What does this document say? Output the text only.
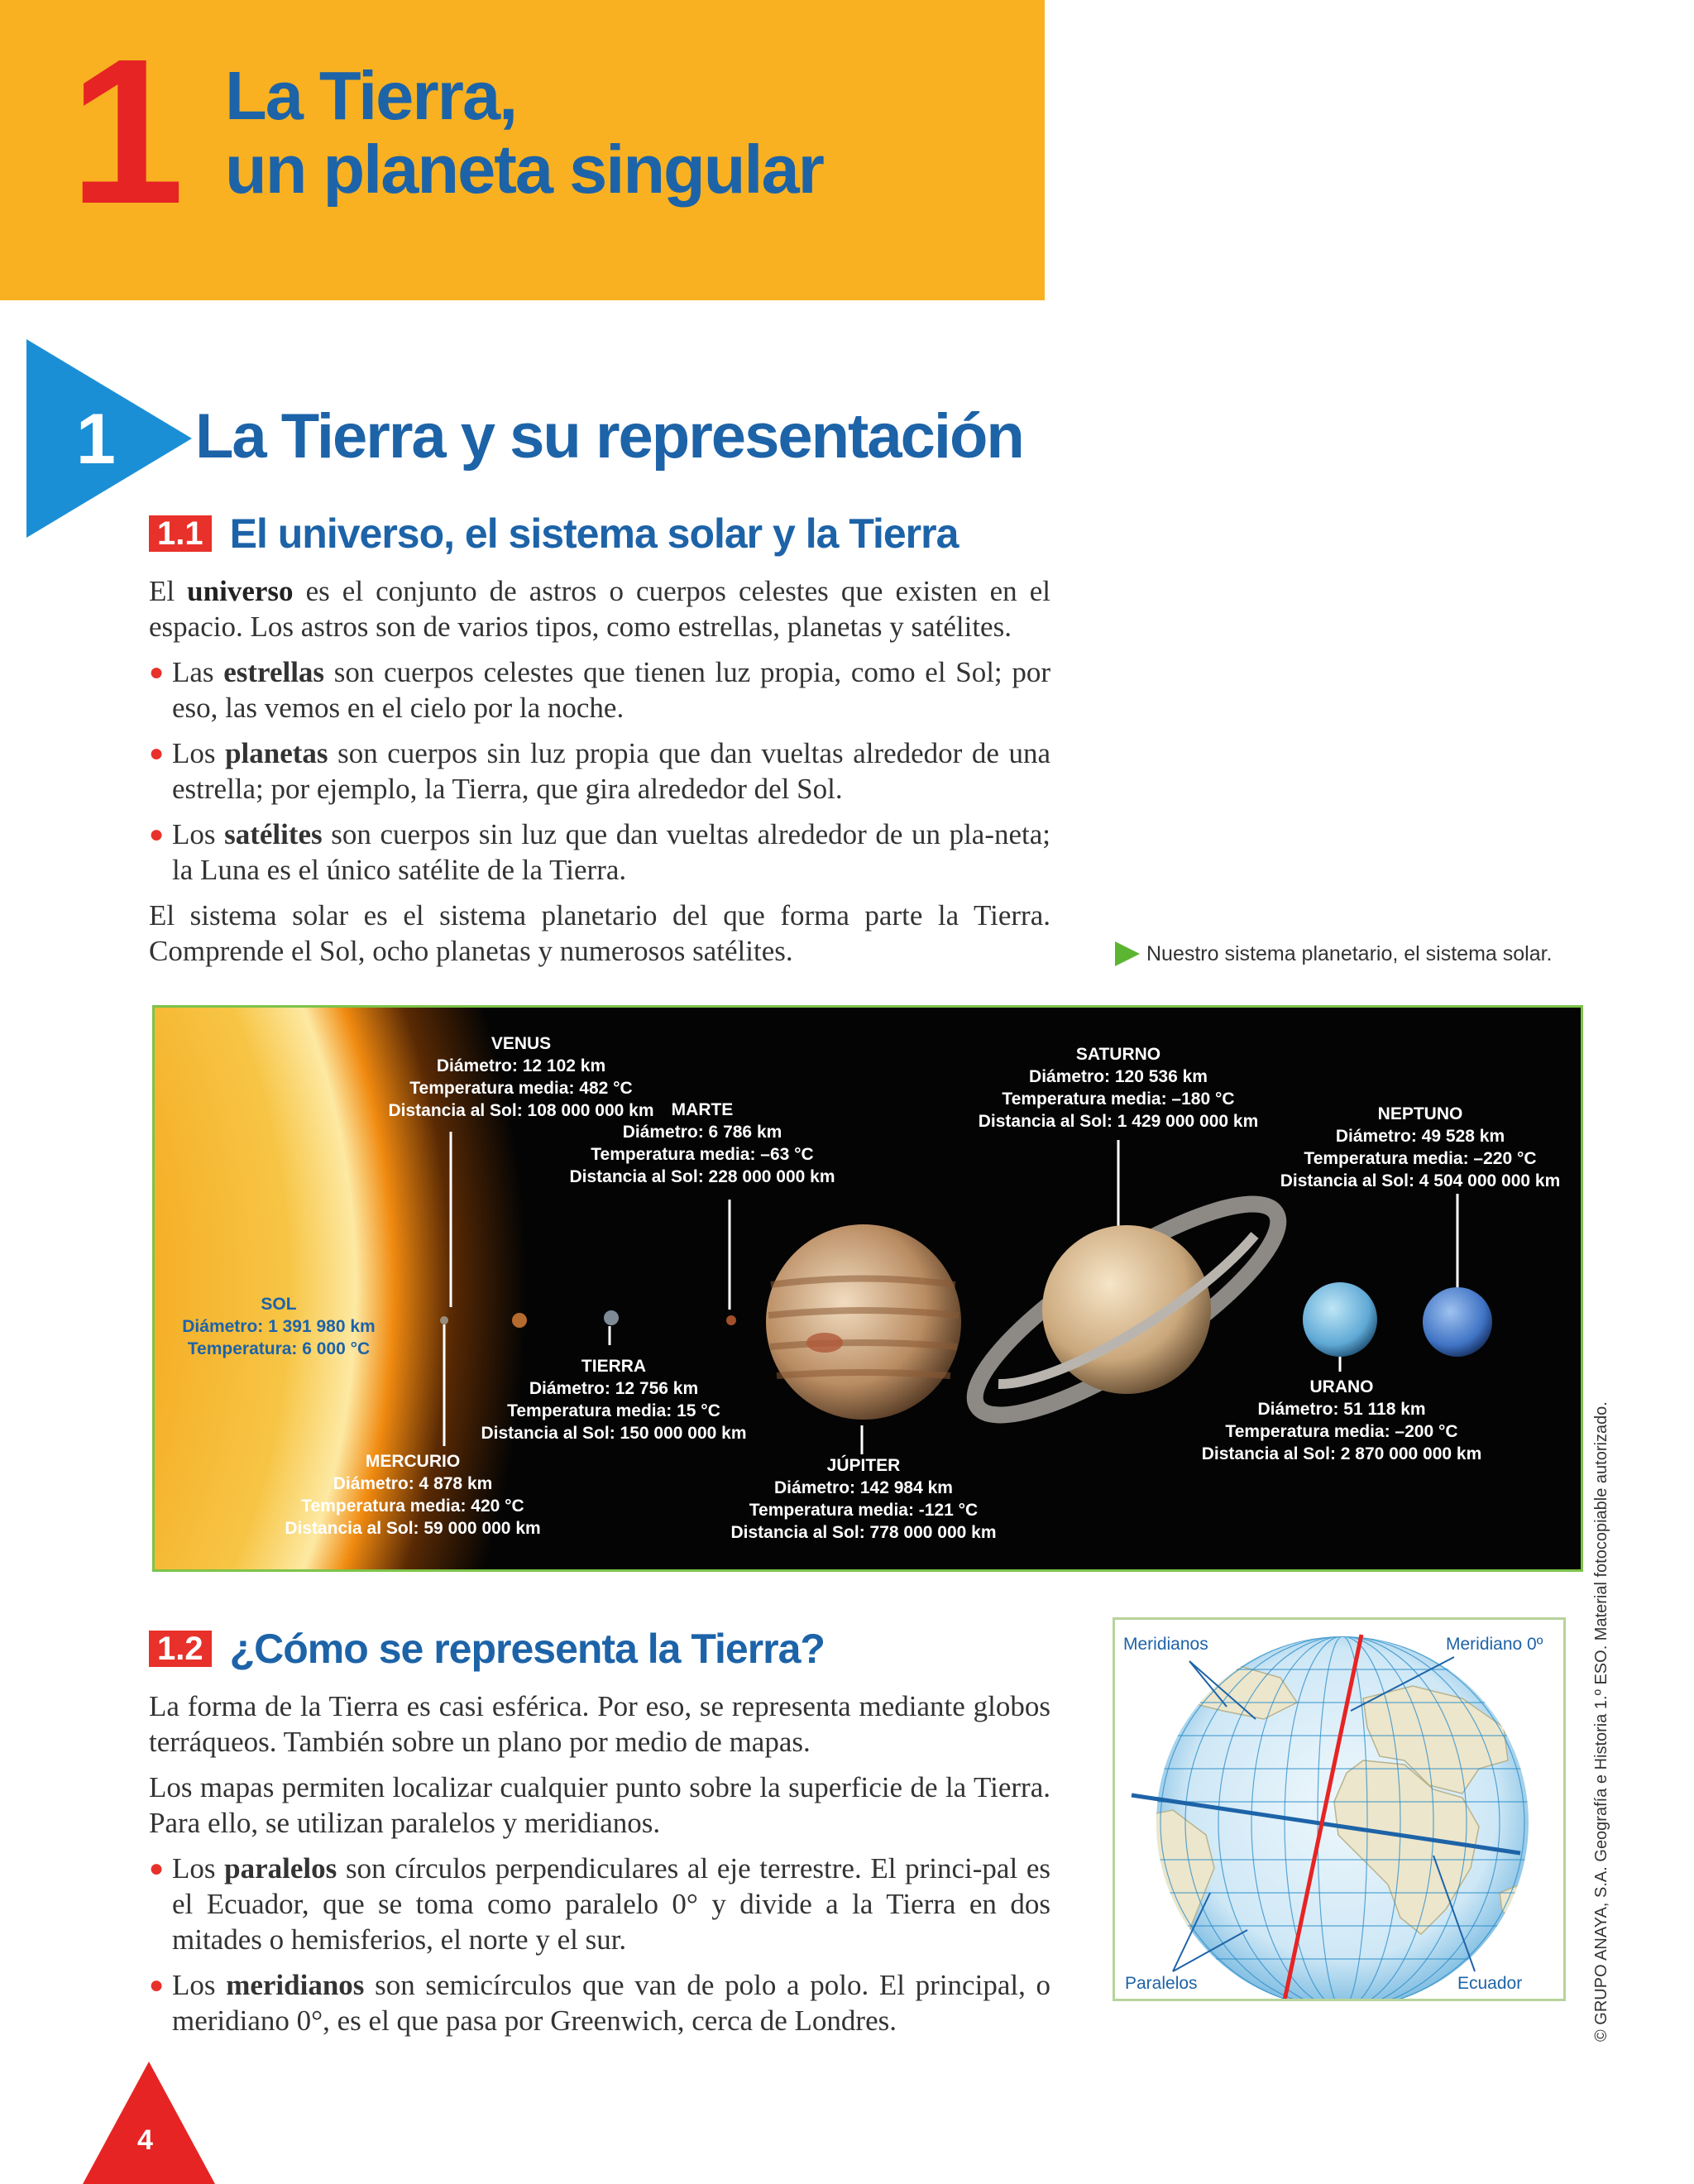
1 La Tierra,
un planeta singular
1 La Tierra y su representación
1.1 El universo, el sistema solar y la Tierra

El universo es el conjunto de astros o cuerpos celestes que existen en el espacio. Los astros son de varios tipos, como estrellas, planetas y satélites.

● Las estrellas son cuerpos celestes que tienen luz propia, como el Sol; por eso, las vemos en el cielo por la noche.
● Los planetas son cuerpos sin luz propia que dan vueltas alrededor de una estrella; por ejemplo, la Tierra, que gira alrededor del Sol.
● Los satélites son cuerpos sin luz que dan vueltas alrededor de un pla-neta; la Luna es el único satélite de la Tierra.

El sistema solar es el sistema planetario del que forma parte la Tierra. Comprende el Sol, ocho planetas y numerosos satélites.	Nuestro sistema planetario, el sistema solar.
SOL
Diámetro: 1 391 980 km
Temperatura: 6 000 °C
MERCURIO
Diámetro: 4 878 km
Temperatura media: 420 °C
Distancia al Sol: 59 000 000 km
VENUS
Diámetro: 12 102 km
Temperatura media: 482 °C
Distancia al Sol: 108 000 000 km
TIERRA
Diámetro: 12 756 km
Temperatura media: 15 °C
Distancia al Sol: 150 000 000 km
MARTE
Diámetro: 6 786 km
Temperatura media: –63 °C
Distancia al Sol: 228 000 000 km
JÚPITER
Diámetro: 142 984 km
Temperatura media: -121 °C
Distancia al Sol: 778 000 000 km
SATURNO
Diámetro: 120 536 km
Temperatura media: –180 °C
Distancia al Sol: 1 429 000 000 km
URANO
Diámetro: 51 118 km
Temperatura media: –200 °C
Distancia al Sol: 2 870 000 000 km
NEPTUNO
Diámetro: 49 528 km
Temperatura media: –220 °C
Distancia al Sol: 4 504 000 000 km
1.2 ¿Cómo se representa la Tierra?

La forma de la Tierra es casi esférica. Por eso, se representa mediante globos terráqueos. También sobre un plano por medio de mapas.

Los mapas permiten localizar cualquier punto sobre la superficie de la Tierra. Para ello, se utilizan paralelos y meridianos.

● Los paralelos son círculos perpendiculares al eje terrestre. El princi-pal es el Ecuador, que se toma como paralelo 0° y divide a la Tierra en dos mitades o hemisferios, el norte y el sur.
● Los meridianos son semicírculos que van de polo a polo. El principal, o meridiano 0°, es el que pasa por Greenwich, cerca de Londres.
Meridianos	Meridiano 0º
Paralelos	Ecuador	© GRUPO ANAYA, S.A. Geografía e Historia 1.º ESO. Material fotocopiable autorizado.
4
